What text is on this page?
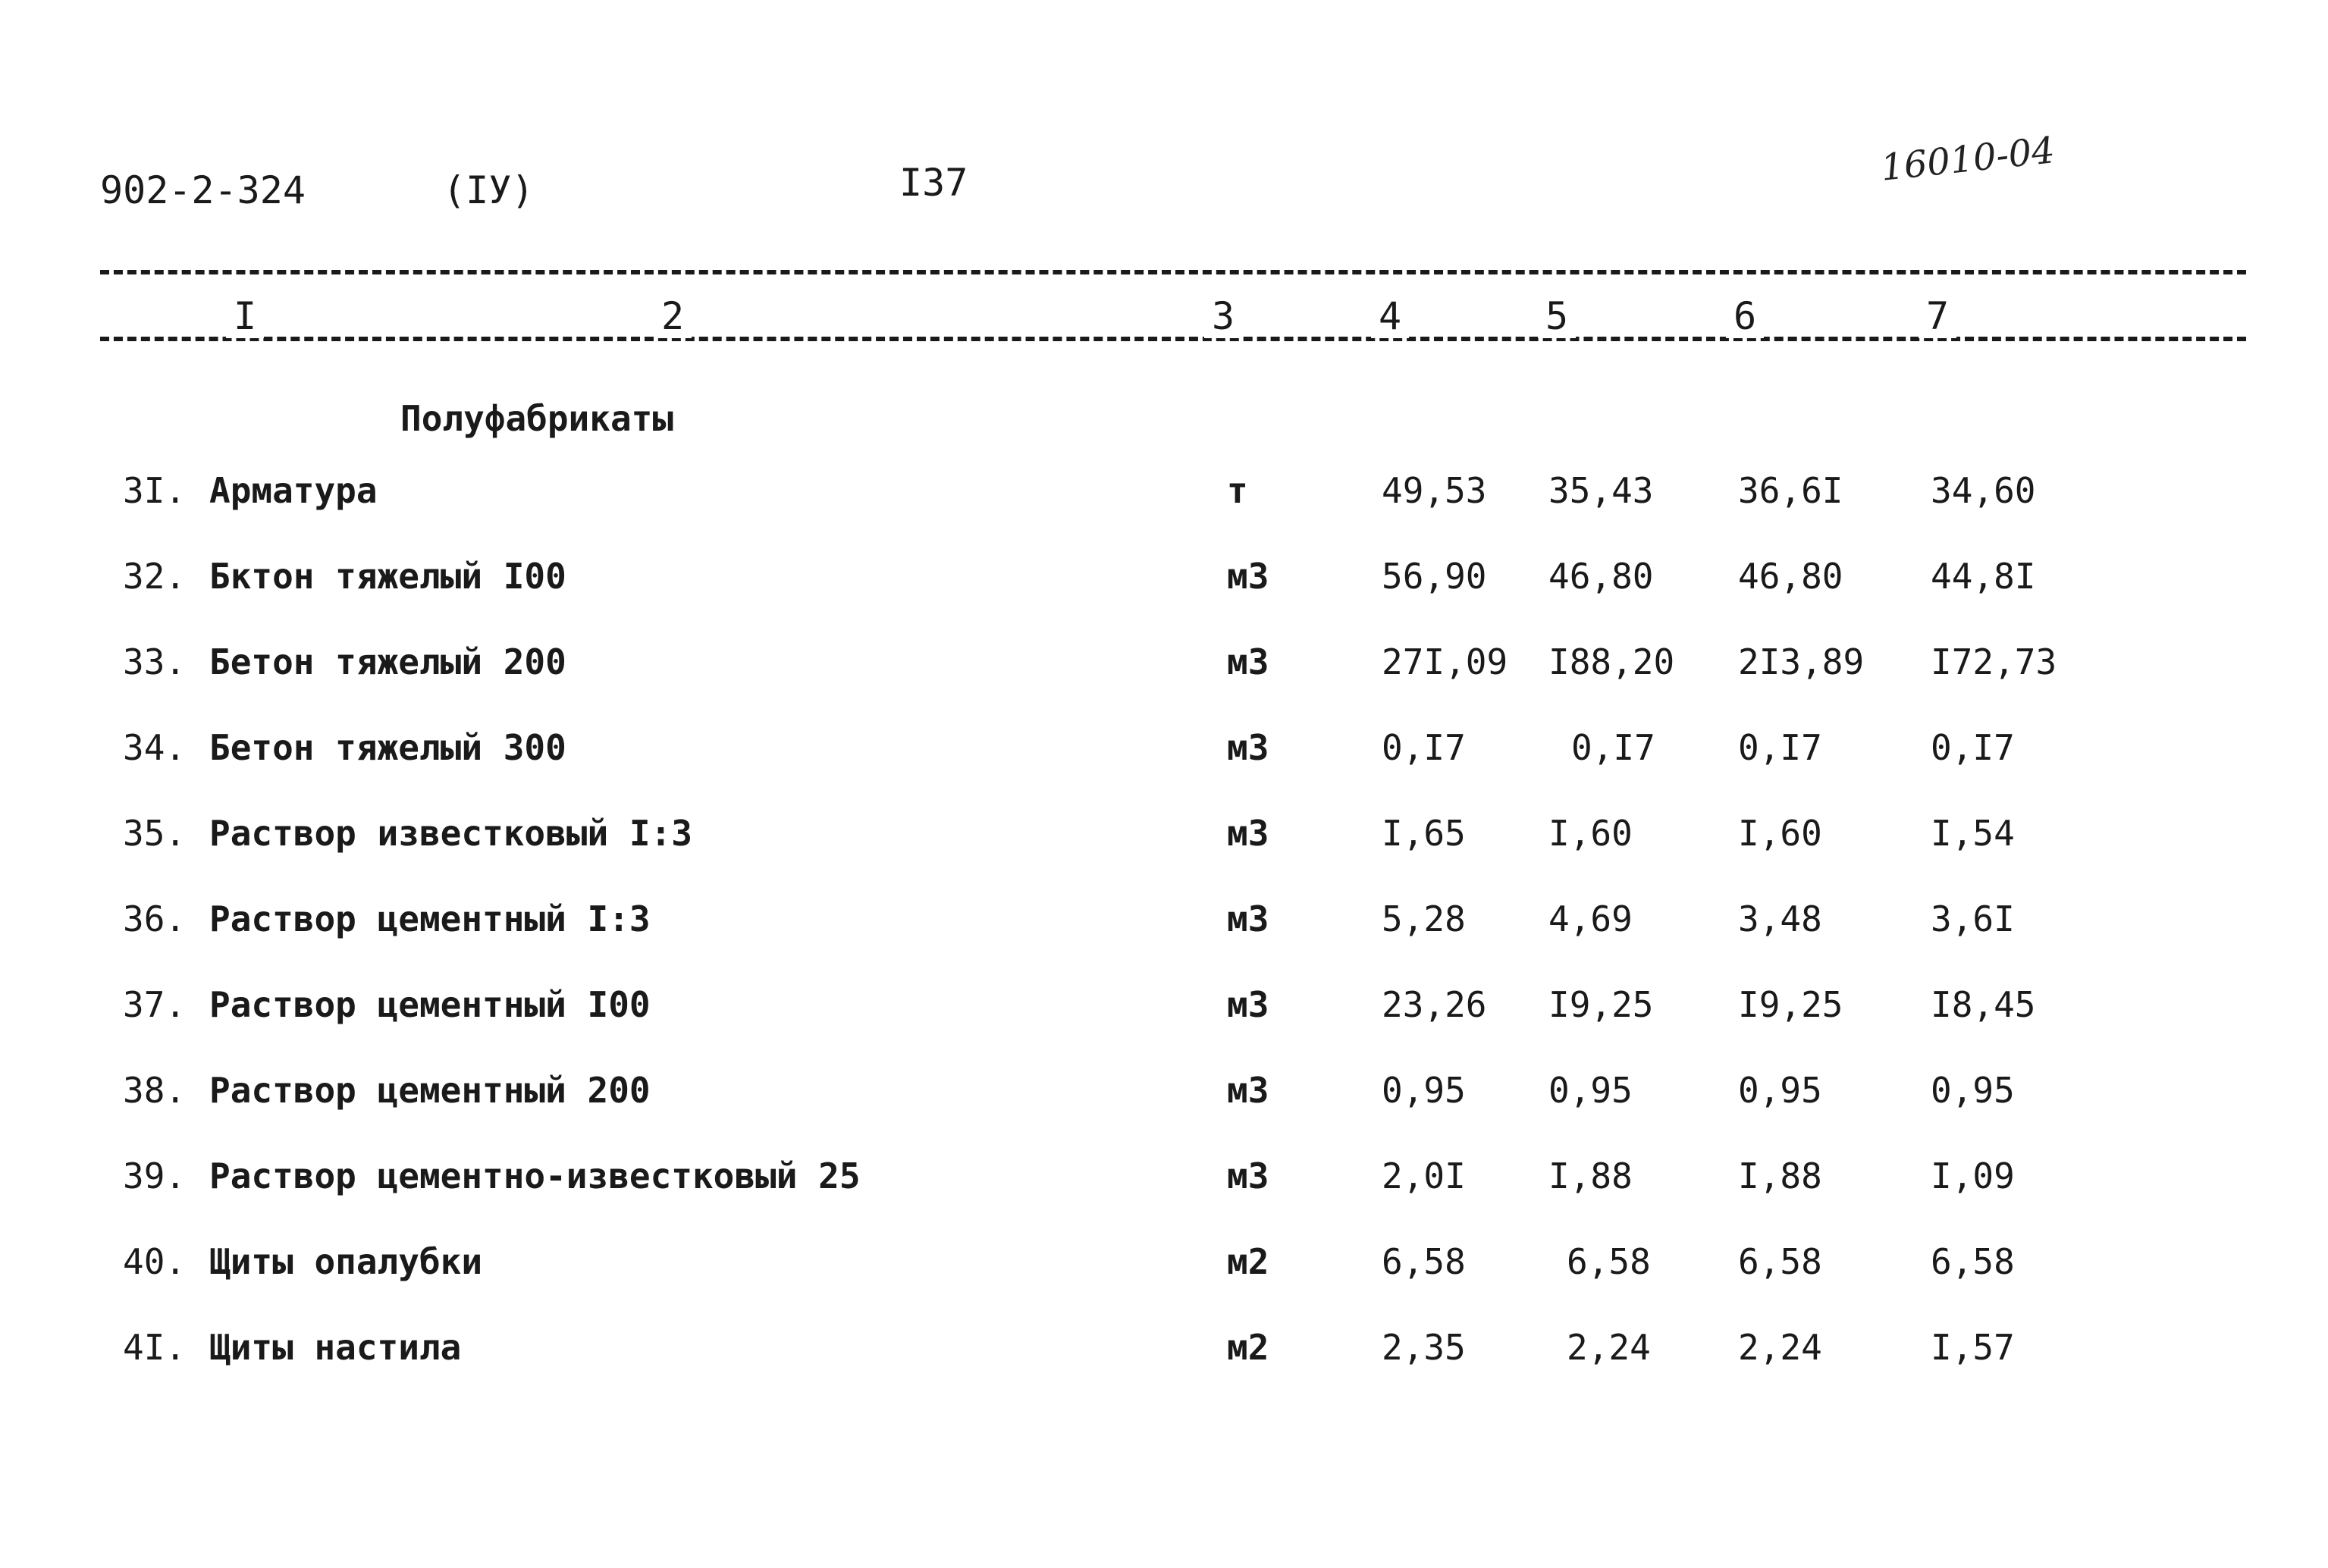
902-2-324	(IУ)	I37	16010-04
I	2	3	4	5	6	7
Полуфабрикаты
3I. Арматура	т	49,53 35,43 36,6I	34,60
32. Бктон тяжелый I00	м3	56,90 46,80 46,80	44,8I
33. Бетон тяжелый 200	м3	27I,09 I88,20 2I3,89 I72,73
34. Бетон тяжелый 300	м3	0,I7	0,I7 0,I7	0,I7
35. Раствор известковый I:3	м3	I,65 I,60	I,60	I,54
36. Раствор цементный I:3	м3	5,28 4,69	3,48	3,6I
37. Раствор цементный I00	м3	23,26 I9,25 I9,25	I8,45
38. Раствор цементный 200	м3	0,95 0,95	0,95	0,95
39. Раствор цементно-известковый 25	м3	2,0I I,88	I,88	I,09
40. Щиты опалубки	м2	6,58	6,58	6,58	6,58
4I. Щиты настила	м2	2,35	2,24	2,24	I,57
